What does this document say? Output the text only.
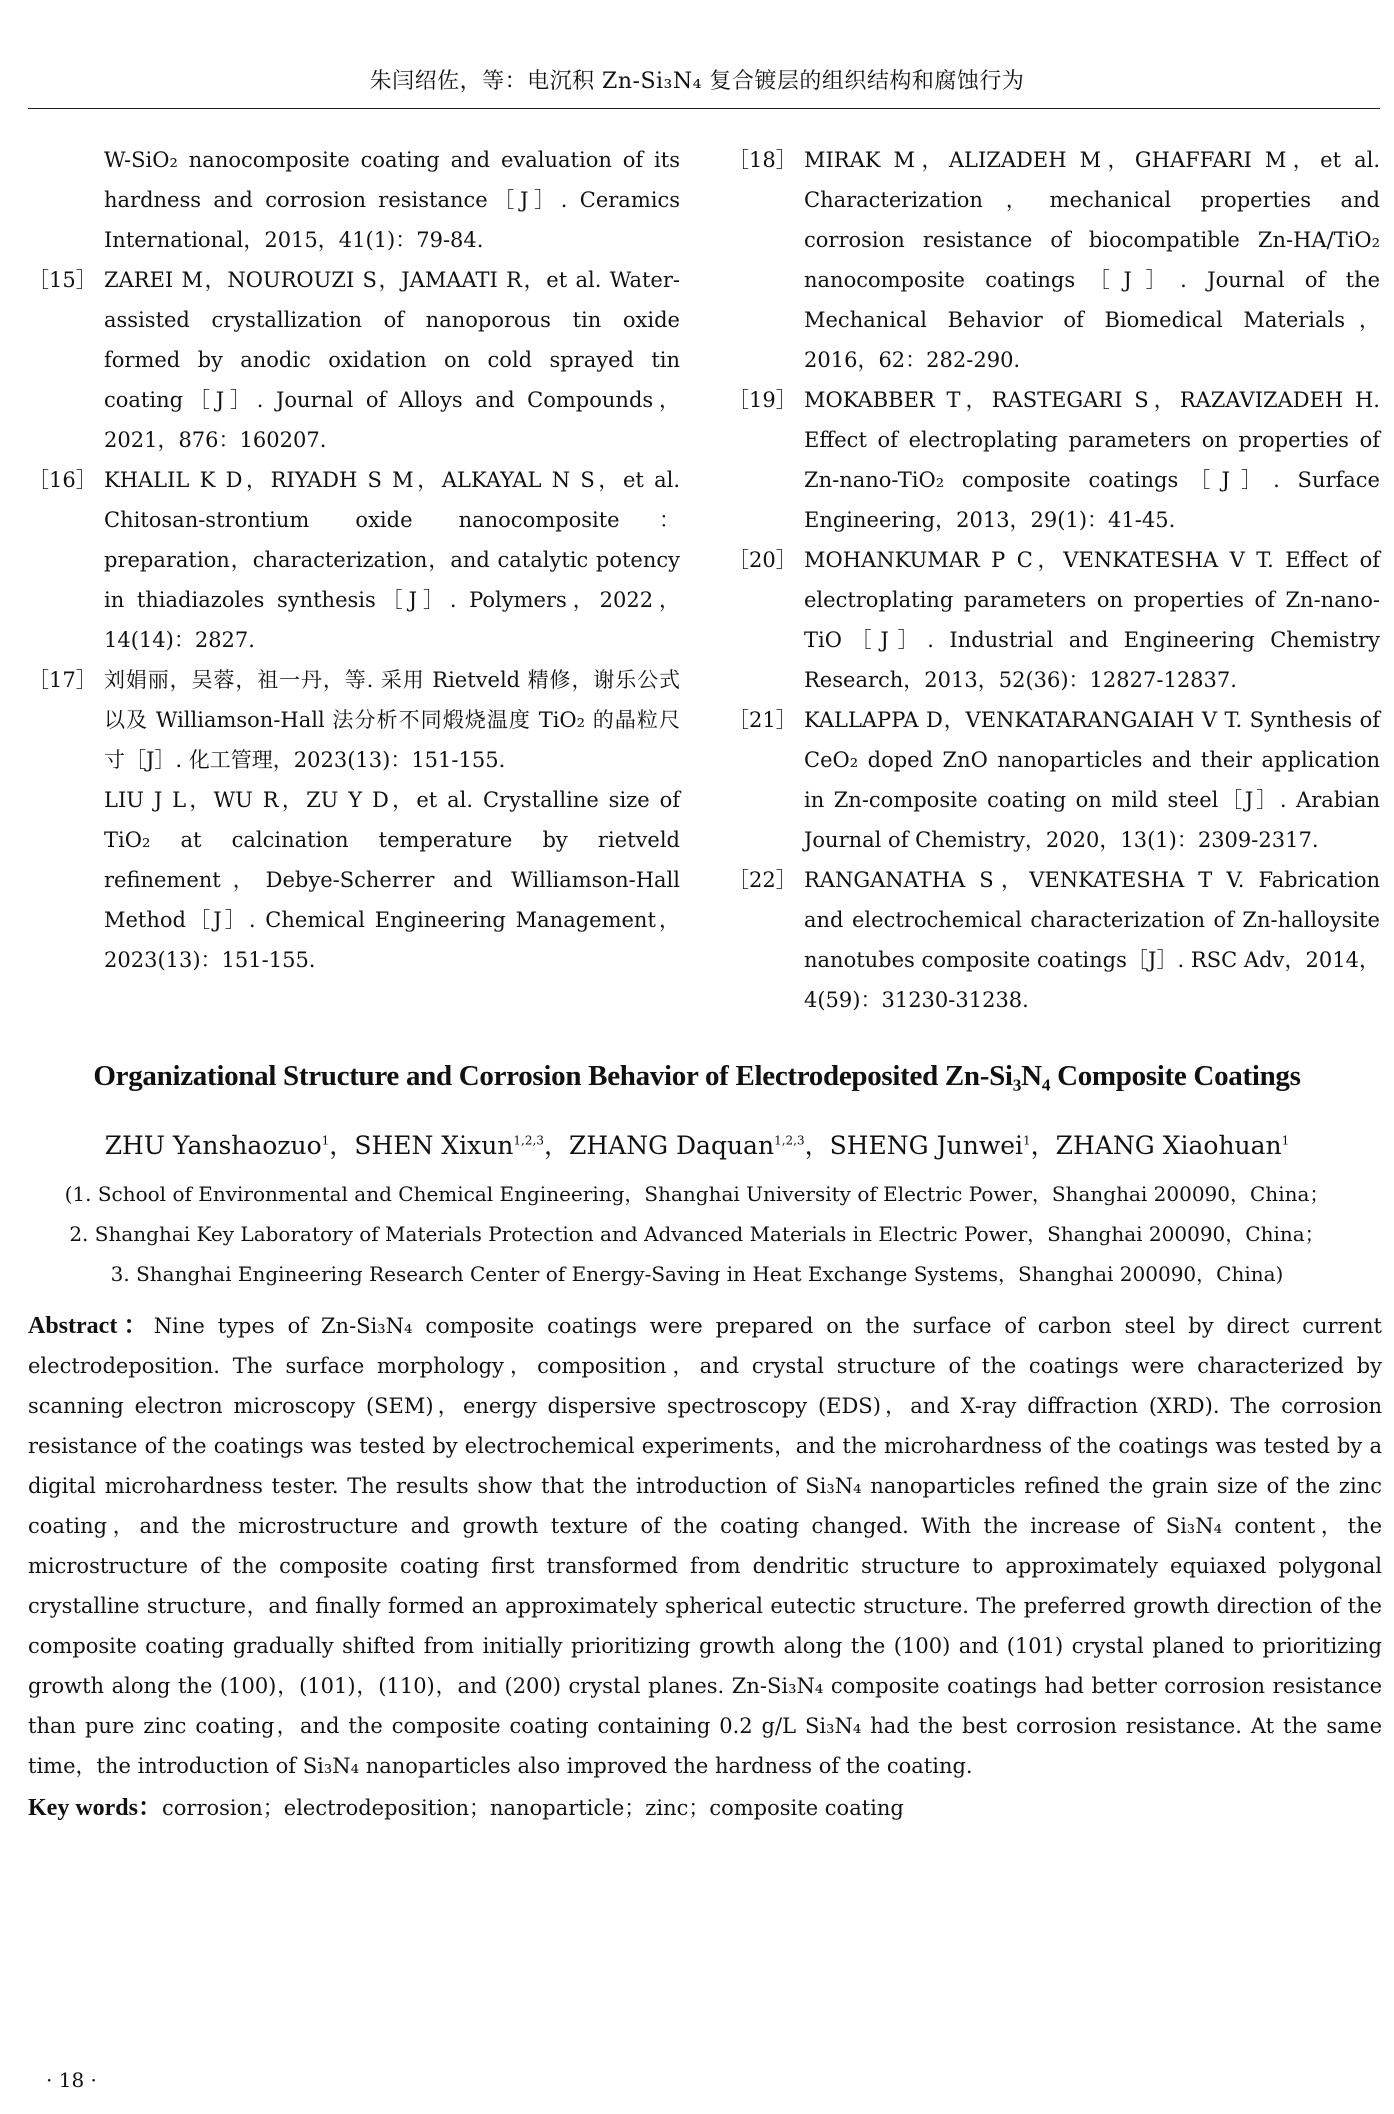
朱闫绍佐，等：电沉积 Zn-Si₃N₄ 复合镀层的组织结构和腐蚀行为

W-SiO₂ nanocomposite coating and evaluation of its hardness and corrosion resistance［J］. Ceramics International，2015，41(1)：79-84.

［15］ ZAREI M，NOUROUZI S，JAMAATI R，et al. Water-assisted crystallization of nanoporous tin oxide formed by anodic oxidation on cold sprayed tin coating［J］. Journal of Alloys and Compounds，2021，876：160207.

［16］ KHALIL K D，RIYADH S M，ALKAYAL N S，et al. Chitosan-strontium oxide nanocomposite：preparation，characterization，and catalytic potency in thiadiazoles synthesis［J］. Polymers，2022，14(14)：2827.

［17］ 刘娟丽，吴蓉，祖一丹，等. 采用 Rietveld 精修，谢乐公式以及 Williamson-Hall 法分析不同煅烧温度 TiO₂ 的晶粒尺寸［J］. 化工管理，2023(13)：151-155.

LIU J L，WU R，ZU Y D，et al. Crystalline size of TiO₂ at calcination temperature by rietveld refinement，Debye-Scherrer and Williamson-Hall Method［J］. Chemical Engineering Management，2023(13)：151-155.

［18］ MIRAK M，ALIZADEH M，GHAFFARI M，et al. Characterization，mechanical properties and corrosion resistance of biocompatible Zn-HA/TiO₂ nanocomposite coatings［J］. Journal of the Mechanical Behavior of Biomedical Materials，2016，62：282-290.

［19］ MOKABBER T，RASTEGARI S，RAZAVIZADEH H. Effect of electroplating parameters on properties of Zn-nano-TiO₂ composite coatings［J］. Surface Engineering，2013，29(1)：41-45.

［20］ MOHANKUMAR P C，VENKATESHA V T. Effect of electroplating parameters on properties of Zn-nano-TiO［J］. Industrial and Engineering Chemistry Research，2013，52(36)：12827-12837.

［21］ KALLAPPA D，VENKATARANGAIAH V T. Synthesis of CeO₂ doped ZnO nanoparticles and their application in Zn-composite coating on mild steel［J］. Arabian Journal of Chemistry，2020，13(1)：2309-2317.

［22］ RANGANATHA S，VENKATESHA T V. Fabrication and electrochemical characterization of Zn-halloysite nanotubes composite coatings［J］. RSC Adv，2014，4(59)：31230-31238.

Organizational Structure and Corrosion Behavior of Electrodeposited Zn-Si₃N₄ Composite Coatings
ZHU Yanshaozuo$^1$，SHEN Xixun$^{1,2,3}$，ZHANG Daquan$^{1,2,3}$，SHENG Junwei$^1$，ZHANG Xiaohuan$^1$
(1. School of Environmental and Chemical Engineering，Shanghai University of Electric Power，Shanghai 200090，China；
2. Shanghai Key Laboratory of Materials Protection and Advanced Materials in Electric Power，Shanghai 200090，China；
3. Shanghai Engineering Research Center of Energy-Saving in Heat Exchange Systems，Shanghai 200090，China)
Abstract：Nine types of Zn-Si₃N₄ composite coatings were prepared on the surface of carbon steel by direct current electrodeposition. The surface morphology，composition，and crystal structure of the coatings were characterized by scanning electron microscopy (SEM)，energy dispersive spectroscopy (EDS)，and X-ray diffraction (XRD). The corrosion resistance of the coatings was tested by electrochemical experiments，and the microhardness of the coatings was tested by a digital microhardness tester. The results show that the introduction of Si₃N₄ nanoparticles refined the grain size of the zinc coating，and the microstructure and growth texture of the coating changed. With the increase of Si₃N₄ content，the microstructure of the composite coating first transformed from dendritic structure to approximately equiaxed polygonal crystalline structure，and finally formed an approximately spherical eutectic structure. The preferred growth direction of the composite coating gradually shifted from initially prioritizing growth along the (100) and (101) crystal planed to prioritizing growth along the (100)，(101)，(110)，and (200) crystal planes. Zn-Si₃N₄ composite coatings had better corrosion resistance than pure zinc coating，and the composite coating containing 0.2 g/L Si₃N₄ had the best corrosion resistance. At the same time，the introduction of Si₃N₄ nanoparticles also improved the hardness of the coating.
Key words：corrosion；electrodeposition；nanoparticle；zinc；composite coating
· 18 ·
